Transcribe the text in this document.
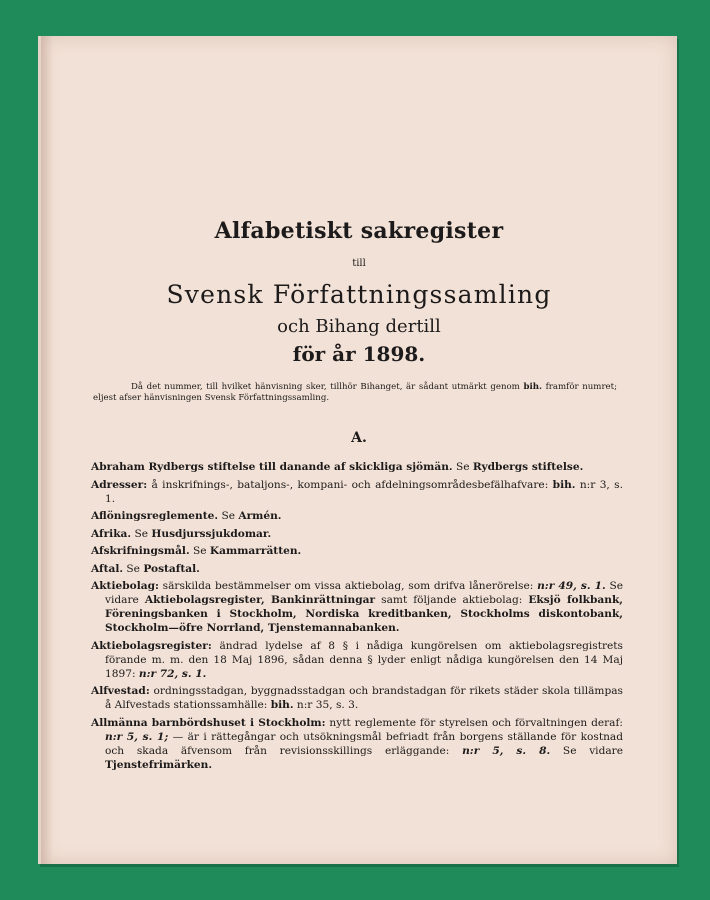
Alfabetiskt sakregister
till
Svensk Författningssamling
och Bihang dertill
för år 1898.
Då det nummer, till hvilket hänvisning sker, tillhör Bihanget, är sådant utmärkt genom bih. framför numret; eljest afser hänvisningen Svensk Författningssamling.
A.

Abraham Rydbergs stiftelse till danande af skickliga sjömän. Se Rydbergs stiftelse.

Adresser: å inskrifnings-, bataljons-, kompani- och afdelningsområdesbefälhafvare: bih. n:r 3, s. 1.

Aflöningsreglemente. Se Armén.

Afrika. Se Husdjurssjukdomar.

Afskrifningsmål. Se Kammarrätten.

Aftal. Se Postaftal.

Aktiebolag: särskilda bestämmelser om vissa aktiebolag, som drifva lånerörelse: n:r 49, s. 1. Se vidare Aktiebolagsregister, Bankinrättningar samt följande aktiebolag: Eksjö folkbank, Föreningsbanken i Stockholm, Nordiska kreditbanken, Stockholms diskontobank, Stockholm—öfre Norrland, Tjenstemannabanken.

Aktiebolagsregister: ändrad lydelse af 8 § i nådiga kungörelsen om aktiebolagsregistrets förande m. m. den 18 Maj 1896, sådan denna § lyder enligt nådiga kungörelsen den 14 Maj 1897: n:r 72, s. 1.

Alfvestad: ordningsstadgan, byggnadsstadgan och brandstadgan för rikets städer skola tillämpas å Alfvestads stationssamhälle: bih. n:r 35, s. 3.

Allmänna barnbördshuset i Stockholm: nytt reglemente för styrelsen och förvaltningen deraf: n:r 5, s. 1; — är i rättegångar och utsökningsmål befriadt från borgens ställande för kostnad och skada äfvensom från revisionsskillings erläggande: n:r 5, s. 8. Se vidare Tjenstefrimärken.
